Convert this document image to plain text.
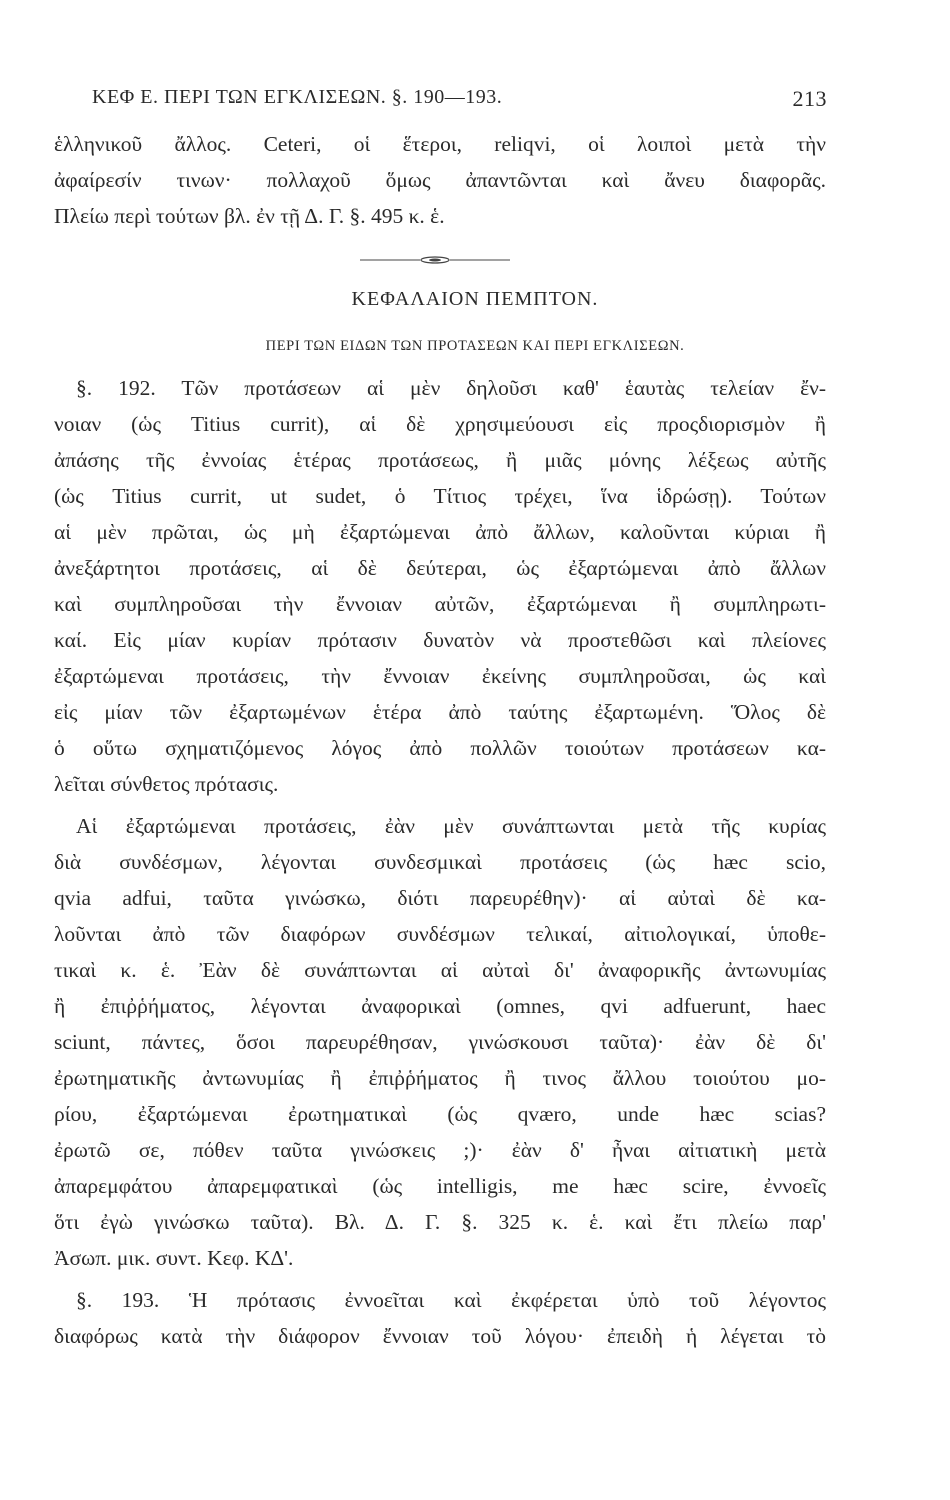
ΚΕΦ Ε. ΠΕΡΙ ΤΩΝ ΕΓΚΛΙΣΕΩΝ. §. 190—193.	213
ἑλληνικοῦ ἄλλος. Ceteri, οἱ ἕτεροι, reliqvi, οἱ λοιποὶ μετὰ τὴν
ἀφαίρεσίν τινων· πολλαχοῦ ὅμως ἀπαντῶνται καὶ ἄνευ διαφορᾶς.
Πλείω περὶ τούτων βλ. ἐν τῇ Δ. Γ. §. 495 κ. ἑ.
ΚΕΦΑΛΑΙΟΝ ΠΕΜΠΤΟΝ.
ΠΕΡΙ ΤΩΝ ΕΙΔΩΝ ΤΩΝ ΠΡΟΤΑΣΕΩΝ ΚΑΙ ΠΕΡΙ ΕΓΚΛΙΣΕΩΝ.
§. 192. Τῶν προτάσεων αἱ μὲν δηλοῦσι καθ' ἑαυτὰς τελείαν ἔν-
νοιαν (ὡς Titius currit), αἱ δὲ χρησιμεύουσι εἰς προςδιορισμὸν ἢ
ἀπάσης τῆς ἐννοίας ἑτέρας προτάσεως, ἢ μιᾶς μόνης λέξεως αὐτῆς
(ὡς Titius currit, ut sudet, ὁ Τίτιος τρέχει, ἵνα ἱδρώσῃ). Τούτων
αἱ μὲν πρῶται, ὡς μὴ ἐξαρτώμεναι ἀπὸ ἄλλων, καλοῦνται κύριαι ἢ
ἀνεξάρτητοι προτάσεις, αἱ δὲ δεύτεραι, ὡς ἐξαρτώμεναι ἀπὸ ἄλλων
καὶ συμπληροῦσαι τὴν ἔννοιαν αὐτῶν, ἐξαρτώμεναι ἢ συμπληρωτι-
καί. Εἰς μίαν κυρίαν πρότασιν δυνατὸν νὰ προστεθῶσι καὶ πλείονες
ἐξαρτώμεναι προτάσεις, τὴν ἔννοιαν ἐκείνης συμπληροῦσαι, ὡς καὶ
εἰς μίαν τῶν ἐξαρτωμένων ἑτέρα ἀπὸ ταύτης ἐξαρτωμένη. Ὅλος δὲ
ὁ οὕτω σχηματιζόμενος λόγος ἀπὸ πολλῶν τοιούτων προτάσεων κα-
λεῖται σύνθετος πρότασις.
Αἱ ἐξαρτώμεναι προτάσεις, ἐὰν μὲν συνάπτωνται μετὰ τῆς κυρίας
διὰ συνδέσμων, λέγονται συνδεσμικαὶ προτάσεις (ὡς hæc scio,
qvia adfui, ταῦτα γινώσκω, διότι παρευρέθην)· αἱ αὐταὶ δὲ κα-
λοῦνται ἀπὸ τῶν διαφόρων συνδέσμων τελικαί, αἰτιολογικαί, ὑποθε-
τικαὶ κ. ἑ. Ἐὰν δὲ συνάπτωνται αἱ αὐταὶ δι' ἀναφορικῆς ἀντωνυμίας
ἢ ἐπιῤῥήματος, λέγονται ἀναφορικαὶ (omnes, qvi adfuerunt, haec
sciunt, πάντες, ὅσοι παρευρέθησαν, γινώσκουσι ταῦτα)· ἐὰν δὲ δι'
ἐρωτηματικῆς ἀντωνυμίας ἢ ἐπιῤῥήματος ἢ τινος ἄλλου τοιούτου μο-
ρίου, ἐξαρτώμεναι ἐρωτηματικαὶ (ὡς qværo, unde hæc scias?
ἐρωτῶ σε, πόθεν ταῦτα γινώσκεις ;)· ἐὰν δ' ἦναι αἰτιατικὴ μετὰ
ἀπαρεμφάτου ἀπαρεμφατικαὶ (ὡς intelligis, me hæc scire, ἐννοεῖς
ὅτι ἐγὼ γινώσκω ταῦτα). Βλ. Δ. Γ. §. 325 κ. ἑ. καὶ ἔτι πλείω παρ'
Ἀσωπ. μικ. συντ. Κεφ. ΚΔ'.
§. 193. Ἡ πρότασις ἐννοεῖται καὶ ἐκφέρεται ὑπὸ τοῦ λέγοντος
διαφόρως κατὰ τὴν διάφορον ἔννοιαν τοῦ λόγου· ἐπειδὴ ἡ λέγεται τὸ
